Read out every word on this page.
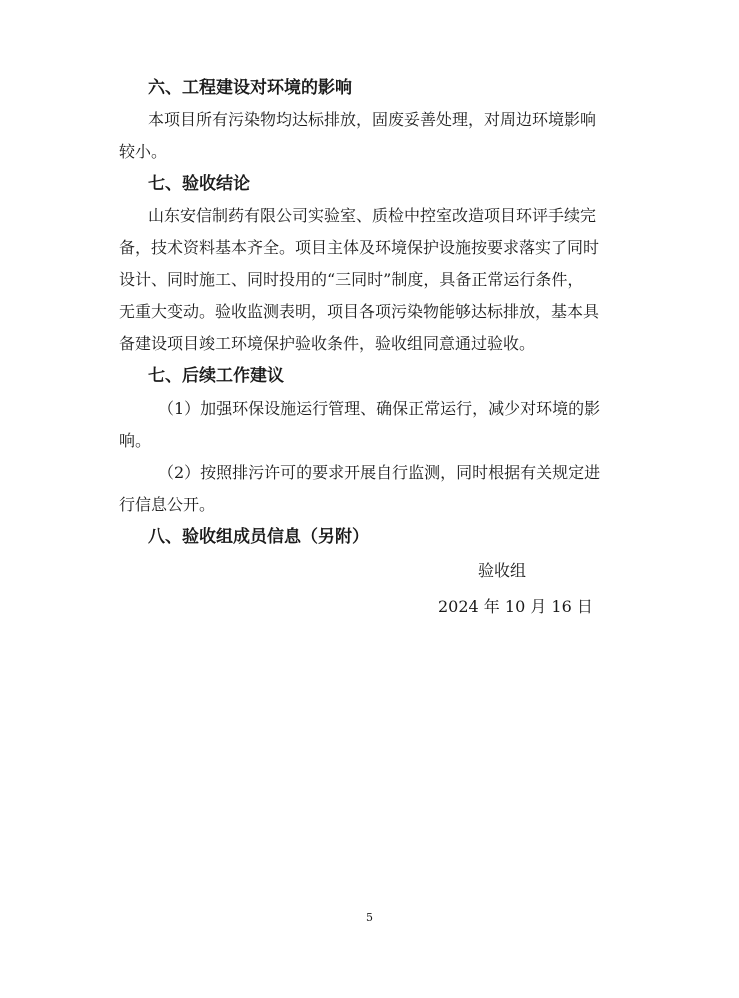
六、工程建设对环境的影响
本项目所有污染物均达标排放，固废妥善处理，对周边环境影响
较小。
七、验收结论
山东安信制药有限公司实验室、质检中控室改造项目环评手续完
备，技术资料基本齐全。项目主体及环境保护设施按要求落实了同时
设计、同时施工、同时投用的“三同时”制度，具备正常运行条件，
无重大变动。验收监测表明，项目各项污染物能够达标排放，基本具
备建设项目竣工环境保护验收条件，验收组同意通过验收。
七、后续工作建议
（1）加强环保设施运行管理、确保正常运行，减少对环境的影
响。
（2）按照排污许可的要求开展自行监测，同时根据有关规定进
行信息公开。
八、验收组成员信息（另附）
验收组
2024 年 10 月 16 日
5
